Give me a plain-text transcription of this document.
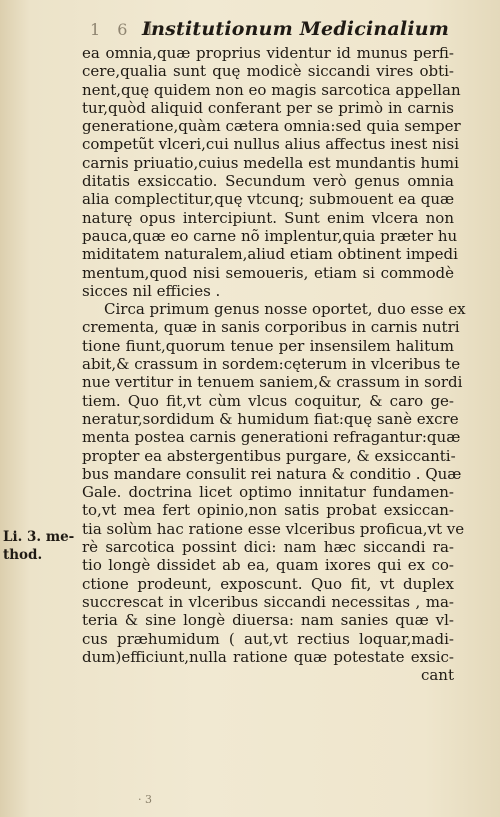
1 6 1
Institutionum Medicinalium
ea omnia,quæ proprius videntur id munus perfi-
cere,qualia sunt quę modicè siccandi vires obti-
nent,quę quidem non eo magis sarcotica appellan
tur,quòd aliquid conferant per se primò in carnis
generatione,quàm cætera omnia:sed quia semper
competũt vlceri,cui nullus alius affectus inest nisi
carnis priuatio,cuius medella est mundantis humi
ditatis exsiccatio. Secundum verò genus omnia
alia complectitur,quę vtcunq; submouent ea quæ
naturę opus intercipiunt. Sunt enim vlcera non
pauca,quæ eo carne nõ implentur,quia præter hu
miditatem naturalem,aliud etiam obtinent impedi
mentum,quod nisi semoueris, etiam si commodè
sicces nil efficies .
Circa primum genus nosse oportet, duo esse ex
crementa, quæ in sanis corporibus in carnis nutri
tione fiunt,quorum tenue per insensilem halitum
abit,& crassum in sordem:cęterum in vlceribus te
nue vertitur in tenuem saniem,& crassum in sordi
tiem. Quo fit,vt cùm vlcus coquitur, & caro ge-
neratur,sordidum & humidum fiat:quę sanè excre
menta postea carnis generationi refragantur:quæ
propter ea abstergentibus purgare, & exsiccanti-
bus mandare consulit rei natura & conditio . Quæ
Gale. doctrina licet optimo innitatur fundamen-
to,vt mea fert opinio,non satis probat exsiccan-
tia solùm hac ratione esse vlceribus proficua,vt ve
rè sarcotica possint dici: nam hæc siccandi ra-
tio longè dissidet ab ea, quam ixores qui ex co-
ctione prodeunt, exposcunt. Quo fit, vt duplex
succrescat in vlceribus siccandi necessitas , ma-
teria & sine longè diuersa: nam sanies quæ vl-
cus præhumidum ( aut,vt rectius loquar,madi-
dum)efficiunt,nulla ratione quæ potestate exsic-
cant
Li. 3. me-
thod.
· 3
